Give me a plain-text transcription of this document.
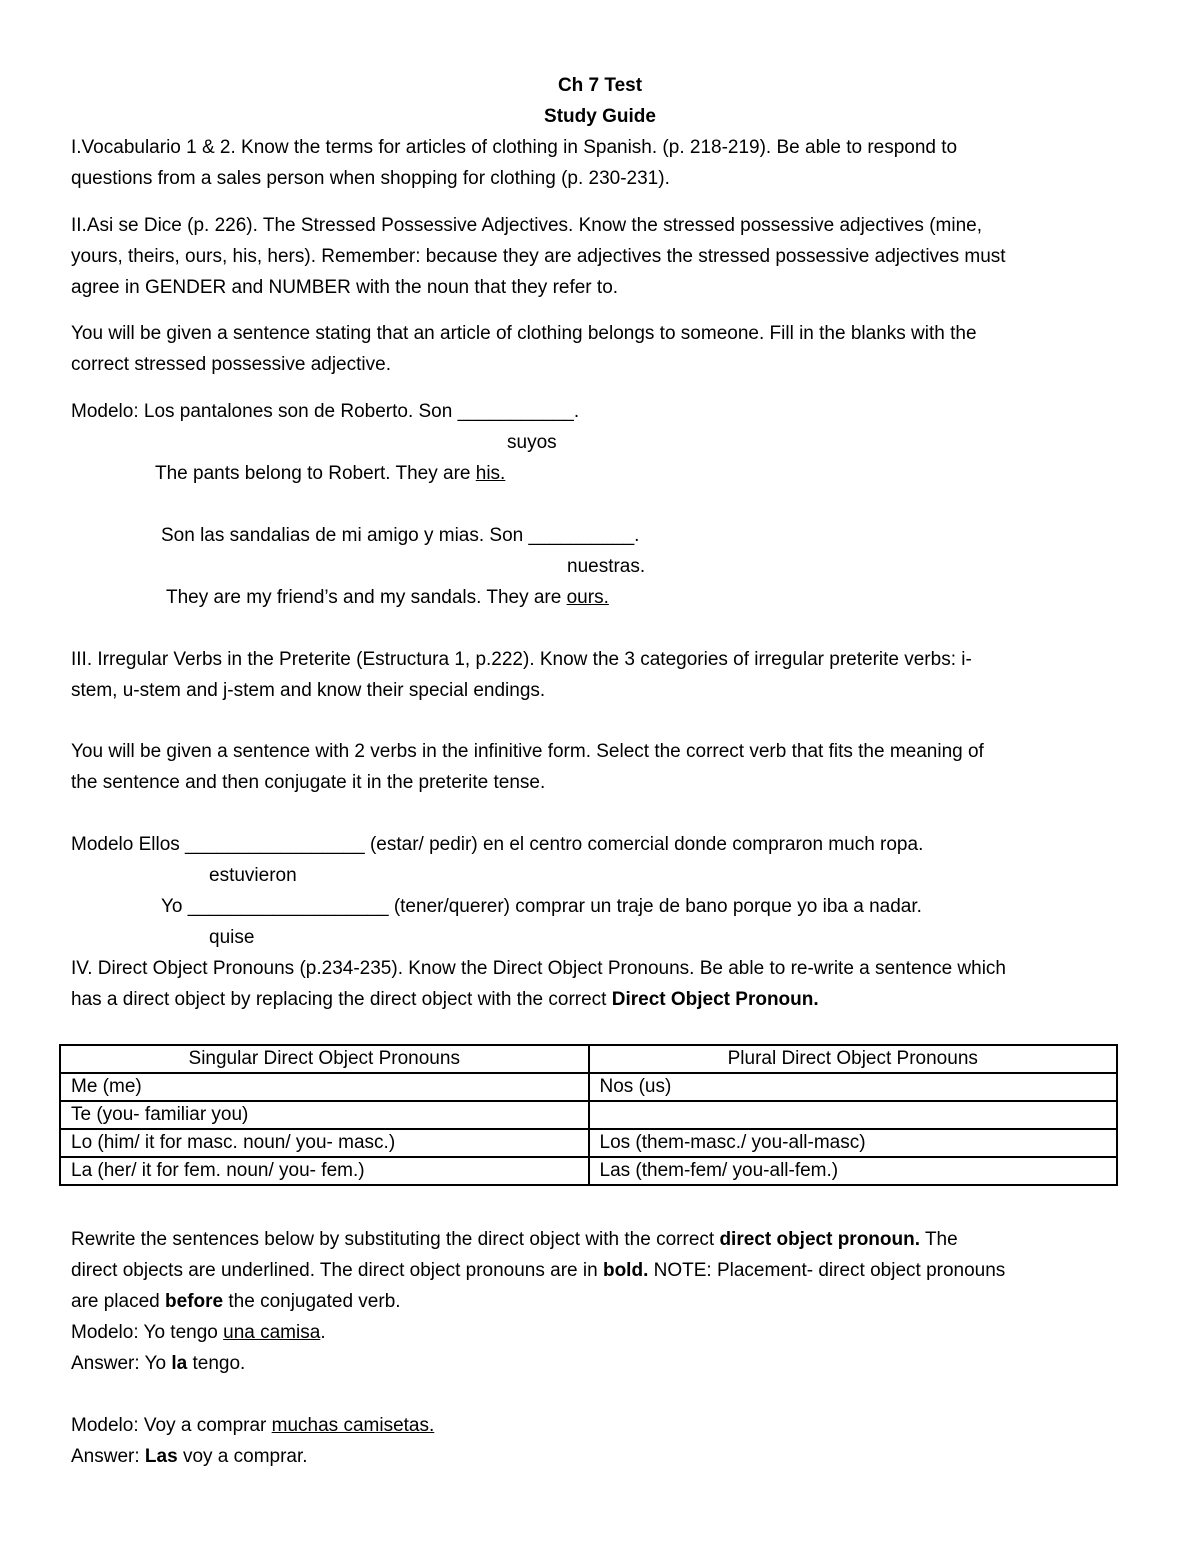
Ch 7 Test
Study Guide
I.Vocabulario 1 & 2. Know the terms for articles of clothing in Spanish. (p. 218-219). Be able to respond to
questions from a sales person when shopping for clothing (p. 230-231).
II.Asi se Dice (p. 226). The Stressed Possessive Adjectives. Know the stressed possessive adjectives (mine,
yours, theirs, ours, his, hers). Remember: because they are adjectives the stressed possessive adjectives must
agree in GENDER and NUMBER with the noun that they refer to.
You will be given a sentence stating that an article of clothing belongs to someone. Fill in the blanks with the
correct stressed possessive adjective.
Modelo: Los pantalones son de Roberto. Son ___________.
suyos
The pants belong to Robert. They are his.
Son las sandalias de mi amigo y mias. Son __________.
nuestras.
They are my friend’s and my sandals. They are ours.
III. Irregular Verbs in the Preterite (Estructura 1, p.222). Know the 3 categories of irregular preterite verbs: i-
stem, u-stem and j-stem and know their special endings.
You will be given a sentence with 2 verbs in the infinitive form. Select the correct verb that fits the meaning of
the sentence and then conjugate it in the preterite tense.
Modelo Ellos _________________ (estar/ pedir) en el centro comercial donde compraron much ropa.
estuvieron
Yo ___________________ (tener/querer) comprar un traje de bano porque yo iba a nadar.
quise
IV. Direct Object Pronouns (p.234-235). Know the Direct Object Pronouns. Be able to re-write a sentence which
has a direct object by replacing the direct object with the correct Direct Object Pronoun.
Singular Direct Object Pronouns	Plural Direct Object Pronouns
Me (me)	Nos (us)
Te (you- familiar you)	
Lo (him/ it for masc. noun/ you- masc.)	Los (them-masc./ you-all-masc)
La (her/ it for fem. noun/ you- fem.)	Las (them-fem/ you-all-fem.)
Rewrite the sentences below by substituting the direct object with the correct direct object pronoun. The
direct objects are underlined. The direct object pronouns are in bold. NOTE: Placement- direct object pronouns
are placed before the conjugated verb.
Modelo: Yo tengo una camisa.
Answer: Yo la tengo.
Modelo: Voy a comprar muchas camisetas.
Answer: Las voy a comprar.
